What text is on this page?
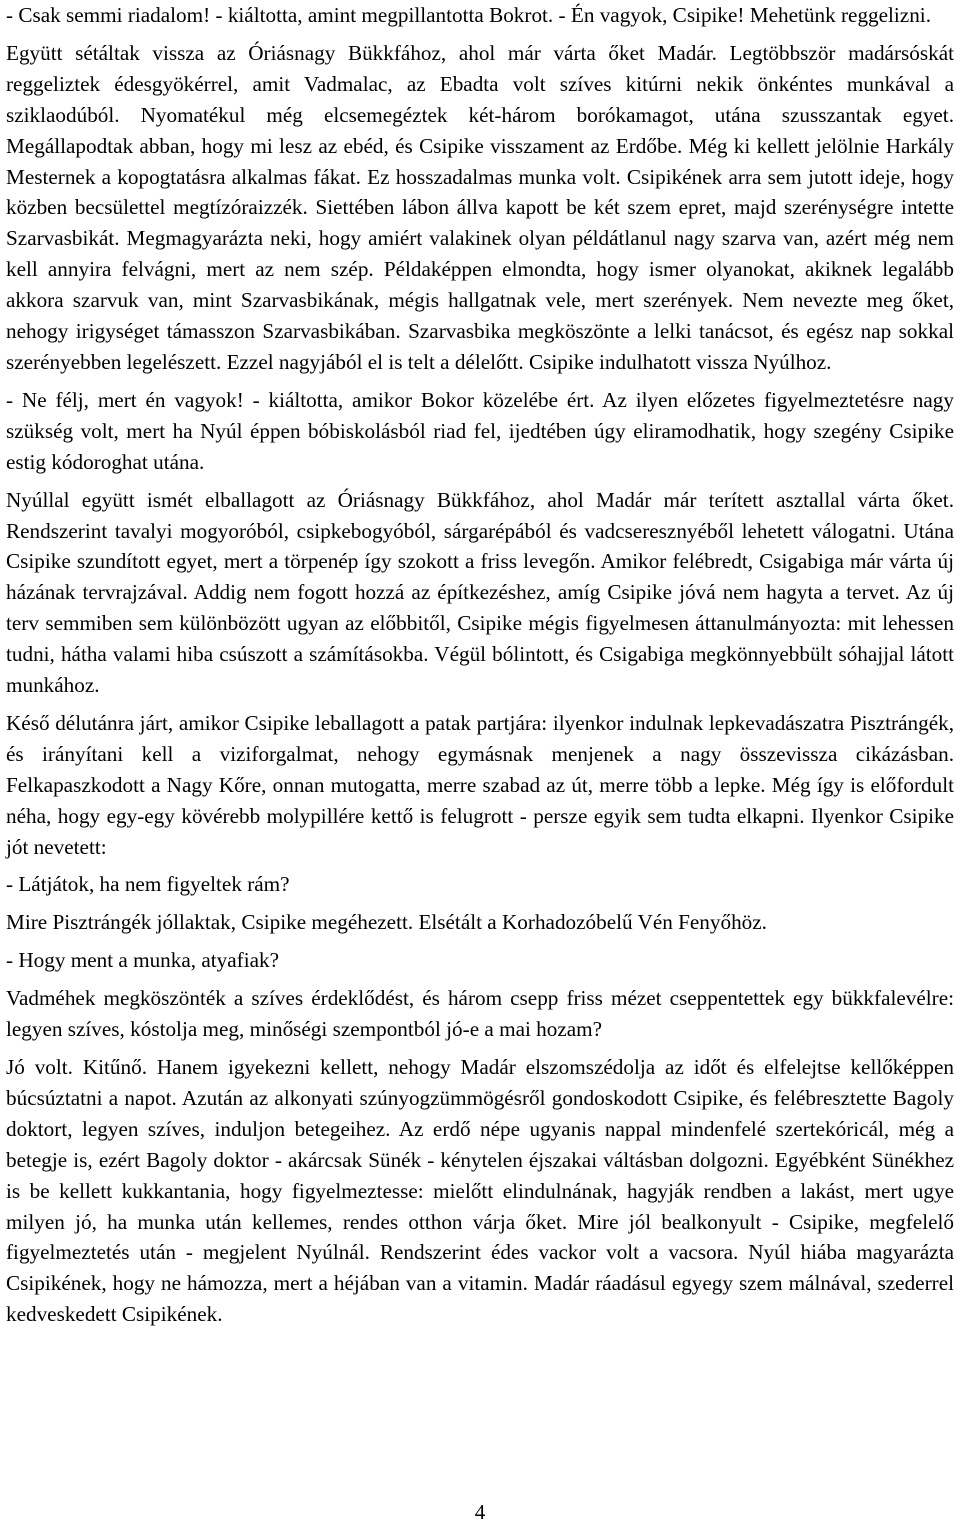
- Csak semmi riadalom! - kiáltotta, amint megpillantotta Bokrot. - Én vagyok, Csipike! Mehetünk reggelizni.

Együtt sétáltak vissza az Óriásnagy Bükkfához, ahol már várta őket Madár. Legtöbbször madársóskát reggeliztek édesgyökérrel, amit Vadmalac, az Ebadta volt szíves kitúrni nekik önkéntes munkával a sziklaodúból. Nyomatékul még elcsemegéztek két-három borókamagot, utána szusszantak egyet. Megállapodtak abban, hogy mi lesz az ebéd, és Csipike visszament az Erdőbe. Még ki kellett jelölnie Harkály Mesternek a kopogtatásra alkalmas fákat. Ez hosszadalmas munka volt. Csipikének arra sem jutott ideje, hogy közben becsülettel megtízóraizzék. Siettében lábon állva kapott be két szem epret, majd szerénységre intette Szarvasbikát. Megmagyarázta neki, hogy amiért valakinek olyan példátlanul nagy szarva van, azért még nem kell annyira felvágni, mert az nem szép. Példaképpen elmondta, hogy ismer olyanokat, akiknek legalább akkora szarvuk van, mint Szarvasbikának, mégis hallgatnak vele, mert szerények. Nem nevezte meg őket, nehogy irigységet támasszon Szarvasbikában. Szarvasbika megköszönte a lelki tanácsot, és egész nap sokkal szerényebben legelészett. Ezzel nagyjából el is telt a délelőtt. Csipike indulhatott vissza Nyúlhoz.

- Ne félj, mert én vagyok! - kiáltotta, amikor Bokor közelébe ért. Az ilyen előzetes figyelmeztetésre nagy szükség volt, mert ha Nyúl éppen bóbiskolásból riad fel, ijedtében úgy eliramodhatik, hogy szegény Csipike estig kódoroghat utána.

Nyúllal együtt ismét elballagott az Óriásnagy Bükkfához, ahol Madár már terített asztallal várta őket. Rendszerint tavalyi mogyoróból, csipkebogyóból, sárgarépából és vadcseresznyéből lehetett válogatni. Utána Csipike szundított egyet, mert a törpenép így szokott a friss levegőn. Amikor felébredt, Csigabiga már várta új házának tervrajzával. Addig nem fogott hozzá az építkezéshez, amíg Csipike jóvá nem hagyta a tervet. Az új terv semmiben sem különbözött ugyan az előbbitől, Csipike mégis figyelmesen áttanulmányozta: mit lehessen tudni, hátha valami hiba csúszott a számításokba. Végül bólintott, és Csigabiga megkönnyebbült sóhajjal látott munkához.

Késő délutánra járt, amikor Csipike leballagott a patak partjára: ilyenkor indulnak lepkevadászatra Pisztrángék, és irányítani kell a viziforgalmat, nehogy egymásnak menjenek a nagy összevissza cikázásban. Felkapaszkodott a Nagy Kőre, onnan mutogatta, merre szabad az út, merre több a lepke. Még így is előfordult néha, hogy egy-egy kövérebb molypillére kettő is felugrott - persze egyik sem tudta elkapni. Ilyenkor Csipike jót nevetett:

- Látjátok, ha nem figyeltek rám?

Mire Pisztrángék jóllaktak, Csipike megéhezett. Elsétált a Korhadozóbelű Vén Fenyőhöz.

- Hogy ment a munka, atyafiak?

Vadméhek megköszönték a szíves érdeklődést, és három csepp friss mézet cseppentettek egy bükkfalevélre: legyen szíves, kóstolja meg, minőségi szempontból jó-e a mai hozam?

Jó volt. Kitűnő. Hanem igyekezni kellett, nehogy Madár elszomszédolja az időt és elfelejtse kellőképpen búcsúztatni a napot. Azután az alkonyati szúnyogzümmögésről gondoskodott Csipike, és felébresztette Bagoly doktort, legyen szíves, induljon betegeihez. Az erdő népe ugyanis nappal mindenfelé szertekóricál, még a betegje is, ezért Bagoly doktor - akárcsak Sünék - kénytelen éjszakai váltásban dolgozni. Egyébként Sünékhez is be kellett kukkantania, hogy figyelmeztesse: mielőtt elindulnának, hagyják rendben a lakást, mert ugye milyen jó, ha munka után kellemes, rendes otthon várja őket. Mire jól bealkonyult - Csipike, megfelelő figyelmeztetés után - megjelent Nyúlnál. Rendszerint édes vackor volt a vacsora. Nyúl hiába magyarázta Csipikének, hogy ne hámozza, mert a héjában van a vitamin. Madár ráadásul egyegy szem málnával, szederrel kedveskedett Csipikének.

4
